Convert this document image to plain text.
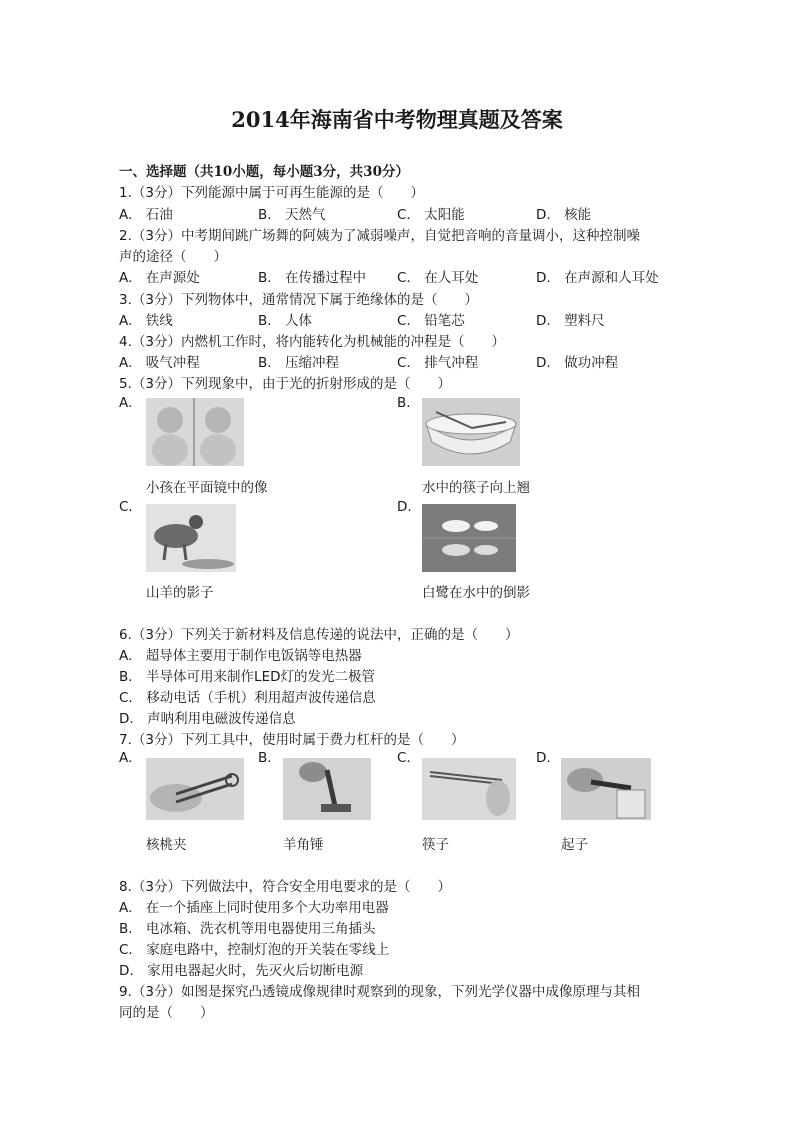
2014年海南省中考物理真题及答案
一、选择题（共10小题，每小题3分，共30分）
1.（3分）下列能源中属于可再生能源的是（　　）
A.　石油	B.　天然气	C.　太阳能	D.　核能
2.（3分）中考期间跳广场舞的阿姨为了减弱噪声，自觉把音响的音量调小，这种控制噪
声的途径（　　）
A.　在声源处	B.　在传播过程中 C.　在人耳处	D.　在声源和人耳处
3.（3分）下列物体中，通常情况下属于绝缘体的是（　　）
A.　铁线	B.　人体	C.　铅笔芯	D.　塑料尺
4.（3分）内燃机工作时，将内能转化为机械能的冲程是（　　）
A.　吸气冲程	B.　压缩冲程	C.　排气冲程	D.　做功冲程
5.（3分）下列现象中，由于光的折射形成的是（　　）
A.
小孩在平面镜中的像
B.
水中的筷子向上翘
C.
山羊的影子
D.
白鹭在水中的倒影
6.（3分）下列关于新材料及信息传递的说法中，正确的是（　　）
A.　超导体主要用于制作电饭锅等电热器
B.　半导体可用来制作LED灯的发光二极管
C.　移动电话（手机）利用超声波传递信息
D.　声呐利用电磁波传递信息
7.（3分）下列工具中，使用时属于费力杠杆的是（　　）
A.
核桃夹
B.
羊角锤
C.
筷子
D.
起子
8.（3分）下列做法中，符合安全用电要求的是（　　）
A.　在一个插座上同时使用多个大功率用电器
B.　电冰箱、洗衣机等用电器使用三角插头
C.　家庭电路中，控制灯泡的开关装在零线上
D.　家用电器起火时，先灭火后切断电源
9.（3分）如图是探究凸透镜成像规律时观察到的现象，下列光学仪器中成像原理与其相
同的是（　　）
